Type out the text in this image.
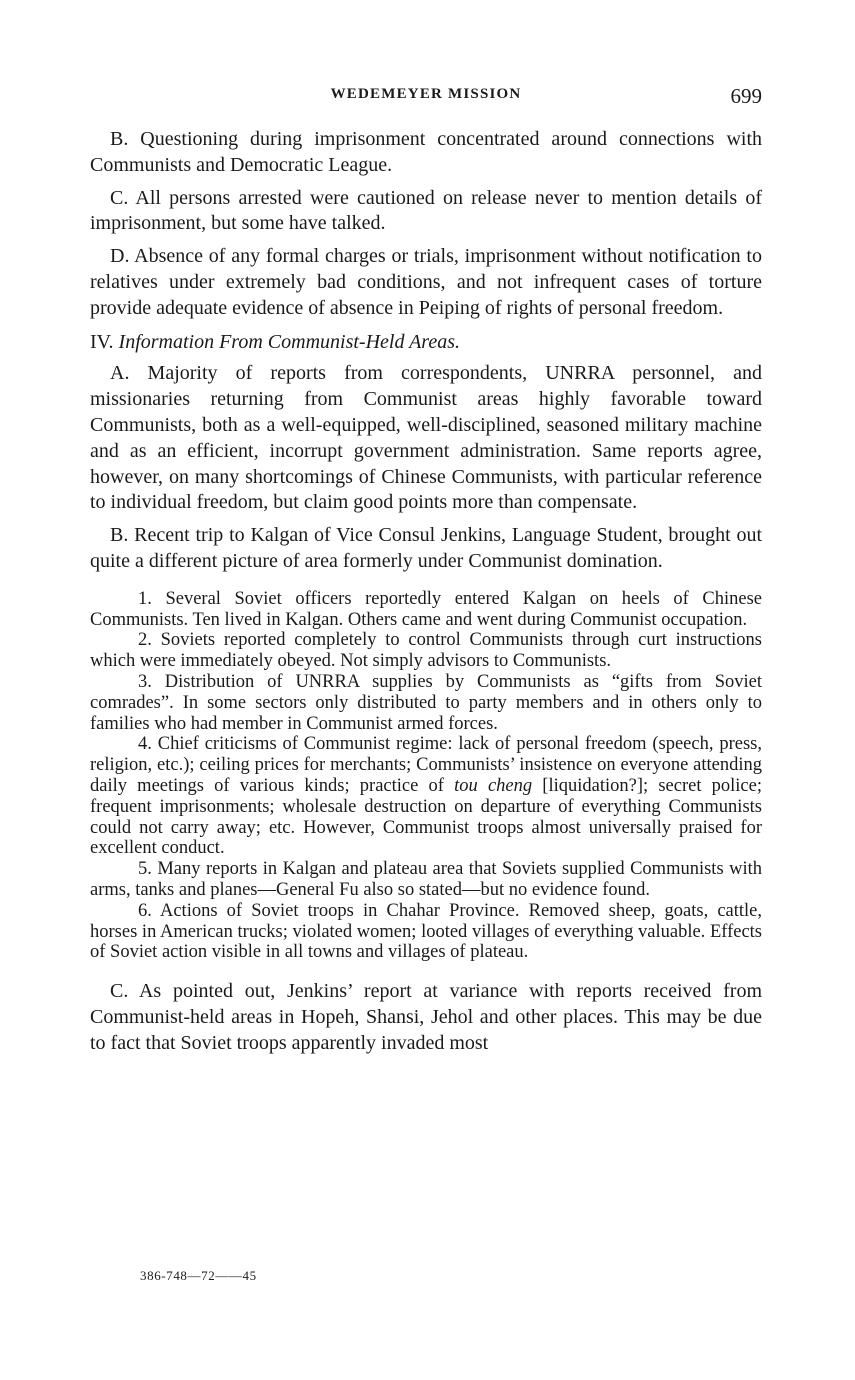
WEDEMEYER MISSION	699

B. Questioning during imprisonment concentrated around connections with Communists and Democratic League.

C. All persons arrested were cautioned on release never to mention details of imprisonment, but some have talked.

D. Absence of any formal charges or trials, imprisonment without notification to relatives under extremely bad conditions, and not infrequent cases of torture provide adequate evidence of absence in Peiping of rights of personal freedom.

IV. Information From Communist-Held Areas.

A. Majority of reports from correspondents, UNRRA personnel, and missionaries returning from Communist areas highly favorable toward Communists, both as a well-equipped, well-disciplined, seasoned military machine and as an efficient, incorrupt government administration. Same reports agree, however, on many shortcomings of Chinese Communists, with particular reference to individual freedom, but claim good points more than compensate.

B. Recent trip to Kalgan of Vice Consul Jenkins, Language Student, brought out quite a different picture of area formerly under Communist domination.

1. Several Soviet officers reportedly entered Kalgan on heels of Chinese Communists. Ten lived in Kalgan. Others came and went during Communist occupation.

2. Soviets reported completely to control Communists through curt instructions which were immediately obeyed. Not simply advisors to Communists.

3. Distribution of UNRRA supplies by Communists as “gifts from Soviet comrades”. In some sectors only distributed to party members and in others only to families who had member in Communist armed forces.

4. Chief criticisms of Communist regime: lack of personal freedom (speech, press, religion, etc.); ceiling prices for merchants; Communists’ insistence on everyone attending daily meetings of various kinds; practice of tou cheng [liquidation?]; secret police; frequent imprisonments; wholesale destruction on departure of everything Communists could not carry away; etc. However, Communist troops almost universally praised for excellent conduct.

5. Many reports in Kalgan and plateau area that Soviets supplied Communists with arms, tanks and planes—General Fu also so stated—but no evidence found.

6. Actions of Soviet troops in Chahar Province. Removed sheep, goats, cattle, horses in American trucks; violated women; looted villages of everything valuable. Effects of Soviet action visible in all towns and villages of plateau.

C. As pointed out, Jenkins’ report at variance with reports received from Communist-held areas in Hopeh, Shansi, Jehol and other places. This may be due to fact that Soviet troops apparently invaded most

386-748—72——45
